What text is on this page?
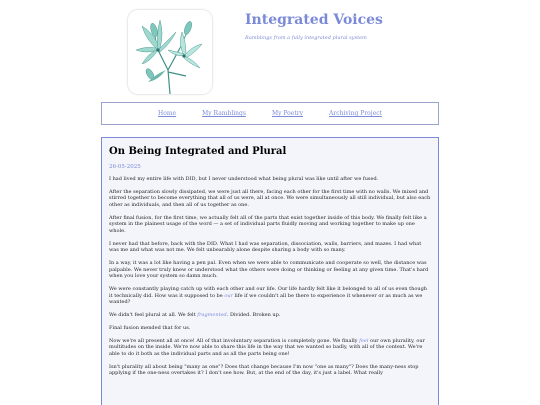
Integrated Voices
Ramblings from a fully integrated plural system
Home	My Ramblings	My Poetry	Archiving Project
On Being Integrated and Plural
26-05-2025

I had lived my entire life with DID, but I never understood what being plural was like until after we fused.

After the separation slowly dissipated, we were just all there, facing each other for the first time with no walls. We mixed and stirred together to become everything that all of us were, all at once. We were simultaneously all still individual, but also each other as individuals, and then all of us together as one.

After final fusion, for the first time, we actually felt all of the parts that exist together inside of this body. We finally felt like a system in the plainest usage of the word — a set of individual parts fluidly moving and working together to make up one whole.

I never had that before, back with the DID. What I had was separation, dissociation, walls, barriers, and mazes. I had what was me and what was not me. We felt unbearably alone despite sharing a body with so many.

In a way, it was a lot like having a pen pal. Even when we were able to communicate and cooperate so well, the distance was palpable. We never truly knew or understood what the others were doing or thinking or feeling at any given time. That's hard when you love your system so damn much.

We were constantly playing catch up with each other and our life. Our life hardly felt like it belonged to all of us even though it technically did. How was it supposed to be our life if we couldn't all be there to experience it whenever or as much as we wanted?

We didn't feel plural at all. We felt fragmented. Divided. Broken up.

Final fusion mended that for us.

Now we're all present all at once! All of that involuntary separation is completely gone. We finally feel our own plurality, our multitudes on the inside. We're now able to share this life in the way that we wanted so badly, with all of the context. We're able to do it both as the individual parts and as all the parts being one!

Isn't plurality all about being "many as one"? Does that change because I'm now "one as many"? Does the many-ness stop applying if the one-ness overtakes it? I don't see how. But, at the end of the day, it's just a label. What really
